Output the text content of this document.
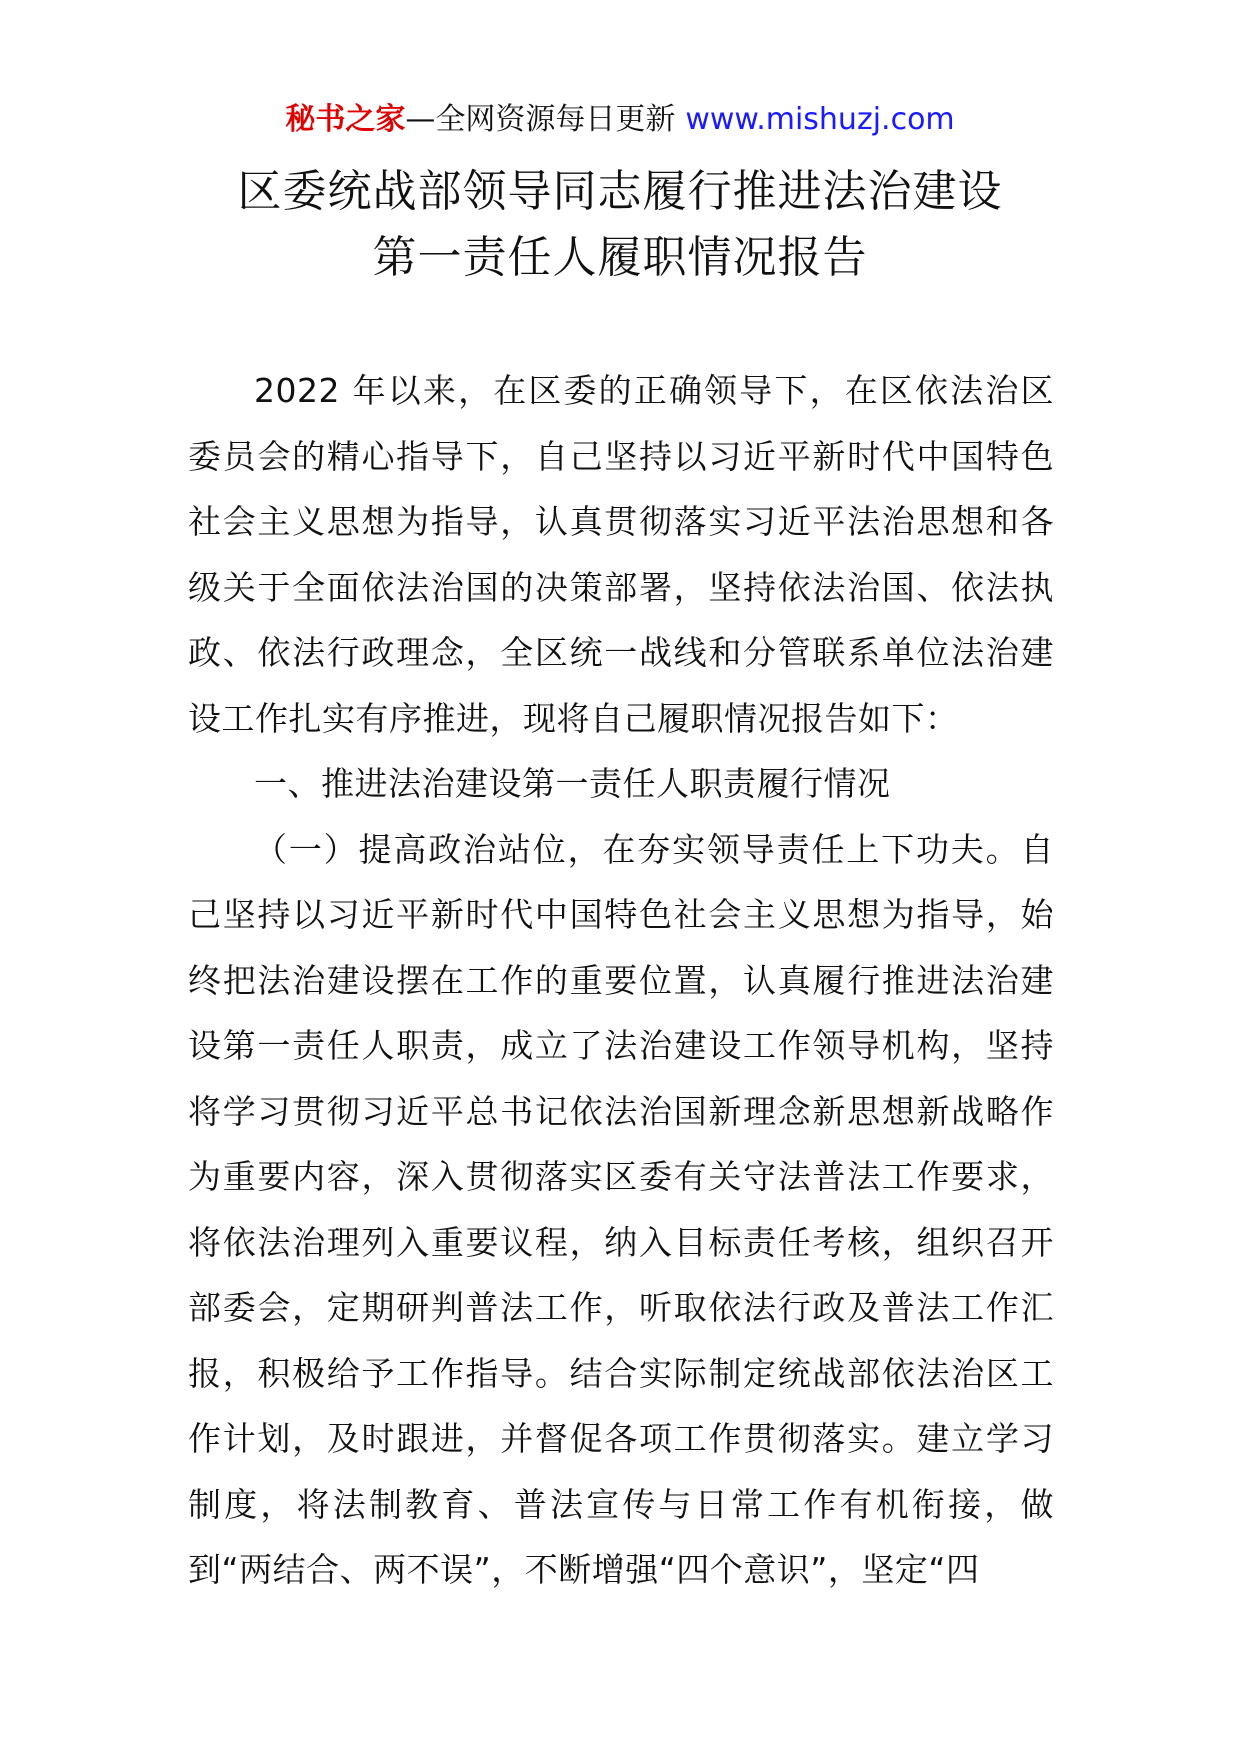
秘书之家—全网资源每日更新 www.mishuzj.com
区委统战部领导同志履行推进法治建设
第一责任人履职情况报告

2022 年以来，在区委的正确领导下，在区依法治区委员会的精心指导下，自己坚持以习近平新时代中国特色社会主义思想为指导，认真贯彻落实习近平法治思想和各级关于全面依法治国的决策部署，坚持依法治国、依法执政、依法行政理念，全区统一战线和分管联系单位法治建设工作扎实有序推进，现将自己履职情况报告如下：

一、推进法治建设第一责任人职责履行情况

（一）提高政治站位，在夯实领导责任上下功夫。自己坚持以习近平新时代中国特色社会主义思想为指导，始终把法治建设摆在工作的重要位置，认真履行推进法治建设第一责任人职责，成立了法治建设工作领导机构，坚持将学习贯彻习近平总书记依法治国新理念新思想新战略作为重要内容，深入贯彻落实区委有关守法普法工作要求，将依法治理列入重要议程，纳入目标责任考核，组织召开部委会，定期研判普法工作，听取依法行政及普法工作汇报，积极给予工作指导。结合实际制定统战部依法治区工作计划，及时跟进，并督促各项工作贯彻落实。建立学习制度，将法制教育、普法宣传与日常工作有机衔接，做到“两结合、两不误”，不断增强“四个意识”，坚定“四
